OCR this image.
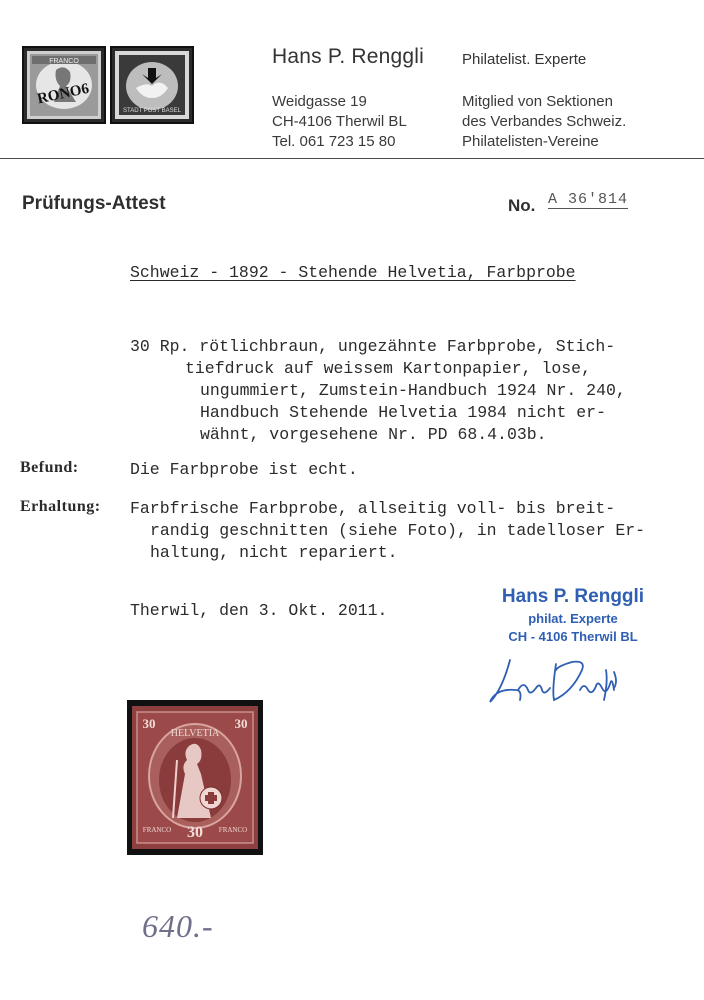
FRANCO
RONO6
STADT POST BASEL
Hans P. Renggli	Philatelist. Experte
Weidgasse 19
CH-4106 Therwil BL
Tel. 061 723 15 80
Mitglied von Sektionen
des Verbandes Schweiz.
Philatelisten-Vereine
Prüfungs-Attest	No. A 36'814
Schweiz - 1892 - Stehende Helvetia, Farbprobe
30 Rp. rötlichbraun, ungezähnte Farbprobe, Stich-
tiefdruck auf weissem Kartonpapier, lose,
ungummiert, Zumstein-Handbuch 1924 Nr. 240,
Handbuch Stehende Helvetia 1984 nicht er-
wähnt, vorgesehene Nr. PD 68.4.03b.
Befund:	Die Farbprobe ist echt.
Erhaltung: Farbfrische Farbprobe, allseitig voll- bis breit-
randig geschnitten (siehe Foto), in tadelloser Er-
haltung, nicht repariert.
Therwil, den 3. Okt. 2011.
Hans P. Renggli
philat. Experte
CH - 4106 Therwil BL
HELVETIA
30	30
30
FRANCO	FRANCO
640.-
